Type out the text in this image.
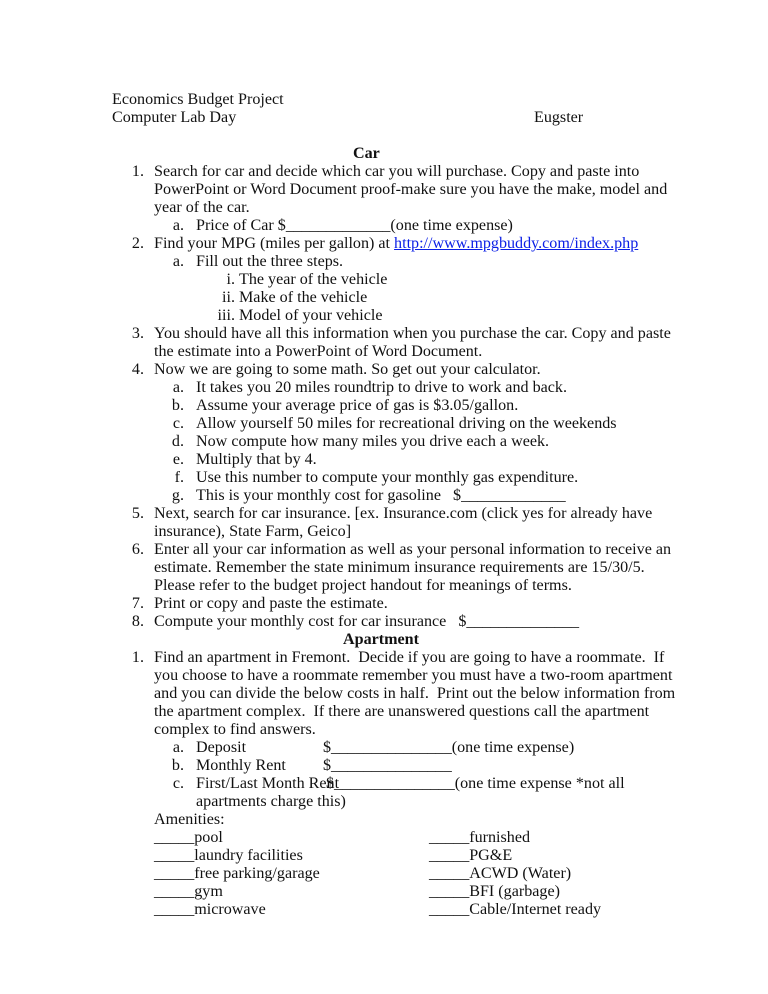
Economics Budget Project
Computer Lab Day	Eugster
Car
1. Search for car and decide which car you will purchase. Copy and paste into
PowerPoint or Word Document proof-make sure you have the make, model and
year of the car.
a. Price of Car $_____________(one time expense)
2. Find your MPG (miles per gallon) at http://www.mpgbuddy.com/index.php
a. Fill out the three steps.
i. The year of the vehicle
ii. Make of the vehicle
iii. Model of your vehicle
3. You should have all this information when you purchase the car. Copy and paste
the estimate into a PowerPoint of Word Document.
4. Now we are going to some math. So get out your calculator.
a. It takes you 20 miles roundtrip to drive to work and back.
b. Assume your average price of gas is $3.05/gallon.
c. Allow yourself 50 miles for recreational driving on the weekends
d. Now compute how many miles you drive each a week.
e. Multiply that by 4.
f. Use this number to compute your monthly gas expenditure.
g. This is your monthly cost for gasoline   $_____________
5. Next, search for car insurance. [ex. Insurance.com (click yes for already have
insurance), State Farm, Geico]
6. Enter all your car information as well as your personal information to receive an
estimate. Remember the state minimum insurance requirements are 15/30/5.
Please refer to the budget project handout for meanings of terms.
7. Print or copy and paste the estimate.
8. Compute your monthly cost for car insurance   $______________
Apartment
1. Find an apartment in Fremont.  Decide if you are going to have a roommate.  If
you choose to have a roommate remember you must have a two-room apartment
and you can divide the below costs in half.  Print out the below information from
the apartment complex.  If there are unanswered questions call the apartment
complex to find answers.
a. Deposit	$_______________(one time expense)
b. Monthly Rent $_______________
c. First/Last Month Rent
$_______________(one time expense *not all
apartments charge this)
Amenities:
_____pool
_____laundry facilities
_____free parking/garage
_____gym
_____microwave
_____furnished
_____PG&E
_____ACWD (Water)
_____BFI (garbage)
_____Cable/Internet ready
